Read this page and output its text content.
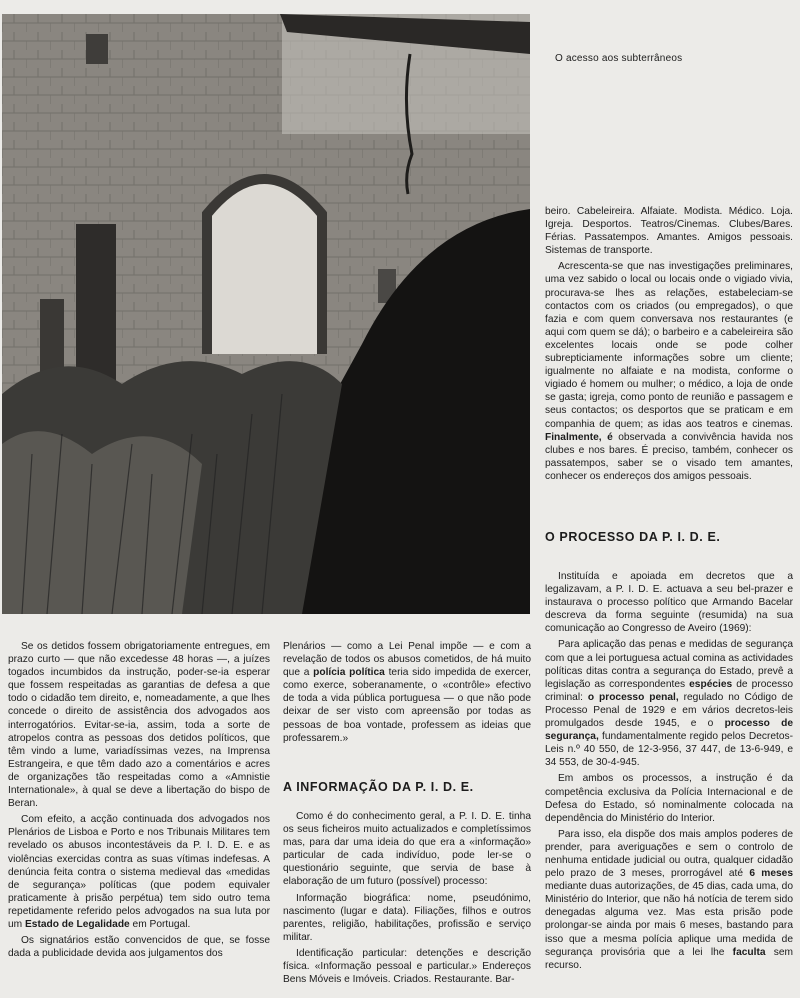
O acesso aos subterrâneos

beiro. Cabeleireira. Alfaiate. Modista. Médico. Loja. Igreja. Desportos. Teatros/Cinemas. Clubes/Bares. Férias. Passatempos. Amantes. Amigos pessoais. Sistemas de transporte.

Acrescenta-se que nas investigações preliminares, uma vez sabido o local ou locais onde o vigiado vivia, procurava-se lhes as relações, estabeleciam-se contactos com os criados (ou empregados), o que fazia e com quem conversava nos restaurantes (e aqui com quem se dá); o barbeiro e a cabeleireira são excelentes locais onde se pode colher subrepticiamente informações sobre um cliente; igualmente no alfaiate e na modista, conforme o vigiado é homem ou mulher; o médico, a loja de onde se gasta; igreja, como ponto de reunião e passagem e seus contactos; os desportos que se praticam e em companhia de quem; as idas aos teatros e cinemas. Finalmente, é observada a convivência havida nos clubes e nos bares. É preciso, também, conhecer os passatempos, saber se o visado tem amantes, conhecer os endereços dos amigos pessoais.

O PROCESSO DA P. I. D. E.

Instituída e apoiada em decretos que a legalizavam, a P. I. D. E. actuava a seu bel-prazer e instaurava o processo político que Armando Bacelar descreva da forma seguinte (resumida) na sua comunicação ao Congresso de Aveiro (1969):

Para aplicação das penas e medidas de segurança com que a lei portuguesa actual comina as actividades políticas ditas contra a segurança do Estado, prevê a legislação as correspondentes espécies de processo criminal: o processo penal, regulado no Código de Processo Penal de 1929 e em vários decretos-leis promulgados desde 1945, e o processo de segurança, fundamentalmente regido pelos Decretos-Leis n.º 40 550, de 12-3-956, 37 447, de 13-6-949, e 34 553, de 30-4-945.

Em ambos os processos, a instrução é da competência exclusiva da Polícia Internacional e de Defesa do Estado, só nominalmente colocada na dependência do Ministério do Interior.

Para isso, ela dispõe dos mais amplos poderes de prender, para averiguações e sem o controlo de nenhuma entidade judicial ou outra, qualquer cidadão pelo prazo de 3 meses, prorrogável até 6 meses mediante duas autorizações, de 45 dias, cada uma, do Ministério do Interior, que não há notícia de terem sido denegadas alguma vez. Mas esta prisão pode prolongar-se ainda por mais 6 meses, bastando para isso que a mesma polícia aplique uma medida de segurança provisória que a lei lhe faculta sem recurso.

Se os detidos fossem obrigatoriamente entregues, em prazo curto — que não excedesse 48 horas —, a juízes togados incumbidos da instrução, poder-se-ia esperar que fossem respeitadas as garantias de defesa a que todo o cidadão tem direito, e, nomeadamente, a que lhes concede o direito de assistência dos advogados aos interrogatórios. Evitar-se-ia, assim, toda a sorte de atropelos contra as pessoas dos detidos políticos, que têm vindo a lume, variadíssimas vezes, na Imprensa Estrangeira, e que têm dado azo a comentários e acres de organizações tão respeitadas como a «Amnistie Internationale», à qual se deve a libertação do bispo de Beran.

Com efeito, a acção continuada dos advogados nos Plenários de Lisboa e Porto e nos Tribunais Militares tem revelado os abusos incontestáveis da P. I. D. E. e as violências exercidas contra as suas vítimas indefesas. A denúncia feita contra o sistema medieval das «medidas de segurança» políticas (que podem equivaler praticamente à prisão perpétua) tem sido outro tema repetidamente referido pelos advogados na sua luta por um Estado de Legalidade em Portugal.

Os signatários estão convencidos de que, se fosse dada a publicidade devida aos julgamentos dos

Plenários — como a Lei Penal impõe — e com a revelação de todos os abusos cometidos, de há muito que a polícia política teria sido impedida de exercer, como exerce, soberanamente, o «contrôle» efectivo de toda a vida pública portuguesa — o que não pode deixar de ser visto com apreensão por todas as pessoas de boa vontade, professem as ideias que professarem.»

A INFORMAÇÃO DA P. I. D. E.

Como é do conhecimento geral, a P. I. D. E. tinha os seus ficheiros muito actualizados e completíssimos mas, para dar uma ideia do que era a «informação» particular de cada indivíduo, pode ler-se o questionário seguinte, que servia de base à elaboração de um futuro (possível) processo:

Informação biográfica: nome, pseudónimo, nascimento (lugar e data). Filiações, filhos e outros parentes, religião, habilitações, profissão e serviço militar.

Identificação particular: detenções e descrição física. «Informação pessoal e particular.» Endereços Bens Móveis e Imóveis. Criados. Restaurante. Bar-
